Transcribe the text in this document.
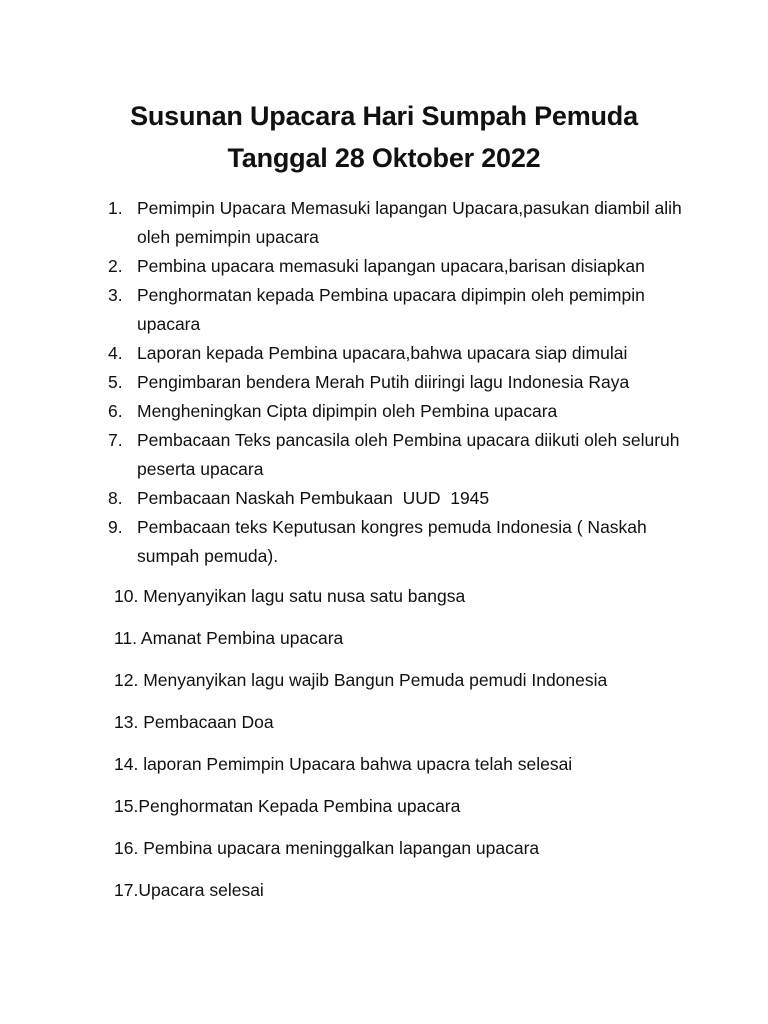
Susunan Upacara Hari Sumpah Pemuda
Tanggal 28 Oktober 2022
1. Pemimpin Upacara Memasuki lapangan Upacara,pasukan diambil alih oleh pemimpin upacara
2. Pembina upacara memasuki lapangan upacara,barisan disiapkan
3. Penghormatan kepada Pembina upacara dipimpin oleh pemimpin upacara
4. Laporan kepada Pembina upacara,bahwa upacara siap dimulai
5. Pengimbaran bendera Merah Putih diiringi lagu Indonesia Raya
6. Mengheningkan Cipta dipimpin oleh Pembina upacara
7. Pembacaan Teks pancasila oleh Pembina upacara diikuti oleh seluruh peserta upacara
8. Pembacaan Naskah Pembukaan  UUD  1945
9. Pembacaan teks Keputusan kongres pemuda Indonesia ( Naskah sumpah pemuda).
10. Menyanyikan lagu satu nusa satu bangsa
11. Amanat Pembina upacara
12. Menyanyikan lagu wajib Bangun Pemuda pemudi Indonesia
13. Pembacaan Doa
14. laporan Pemimpin Upacara bahwa upacra telah selesai
15.Penghormatan Kepada Pembina upacara
16. Pembina upacara meninggalkan lapangan upacara
17.Upacara selesai
